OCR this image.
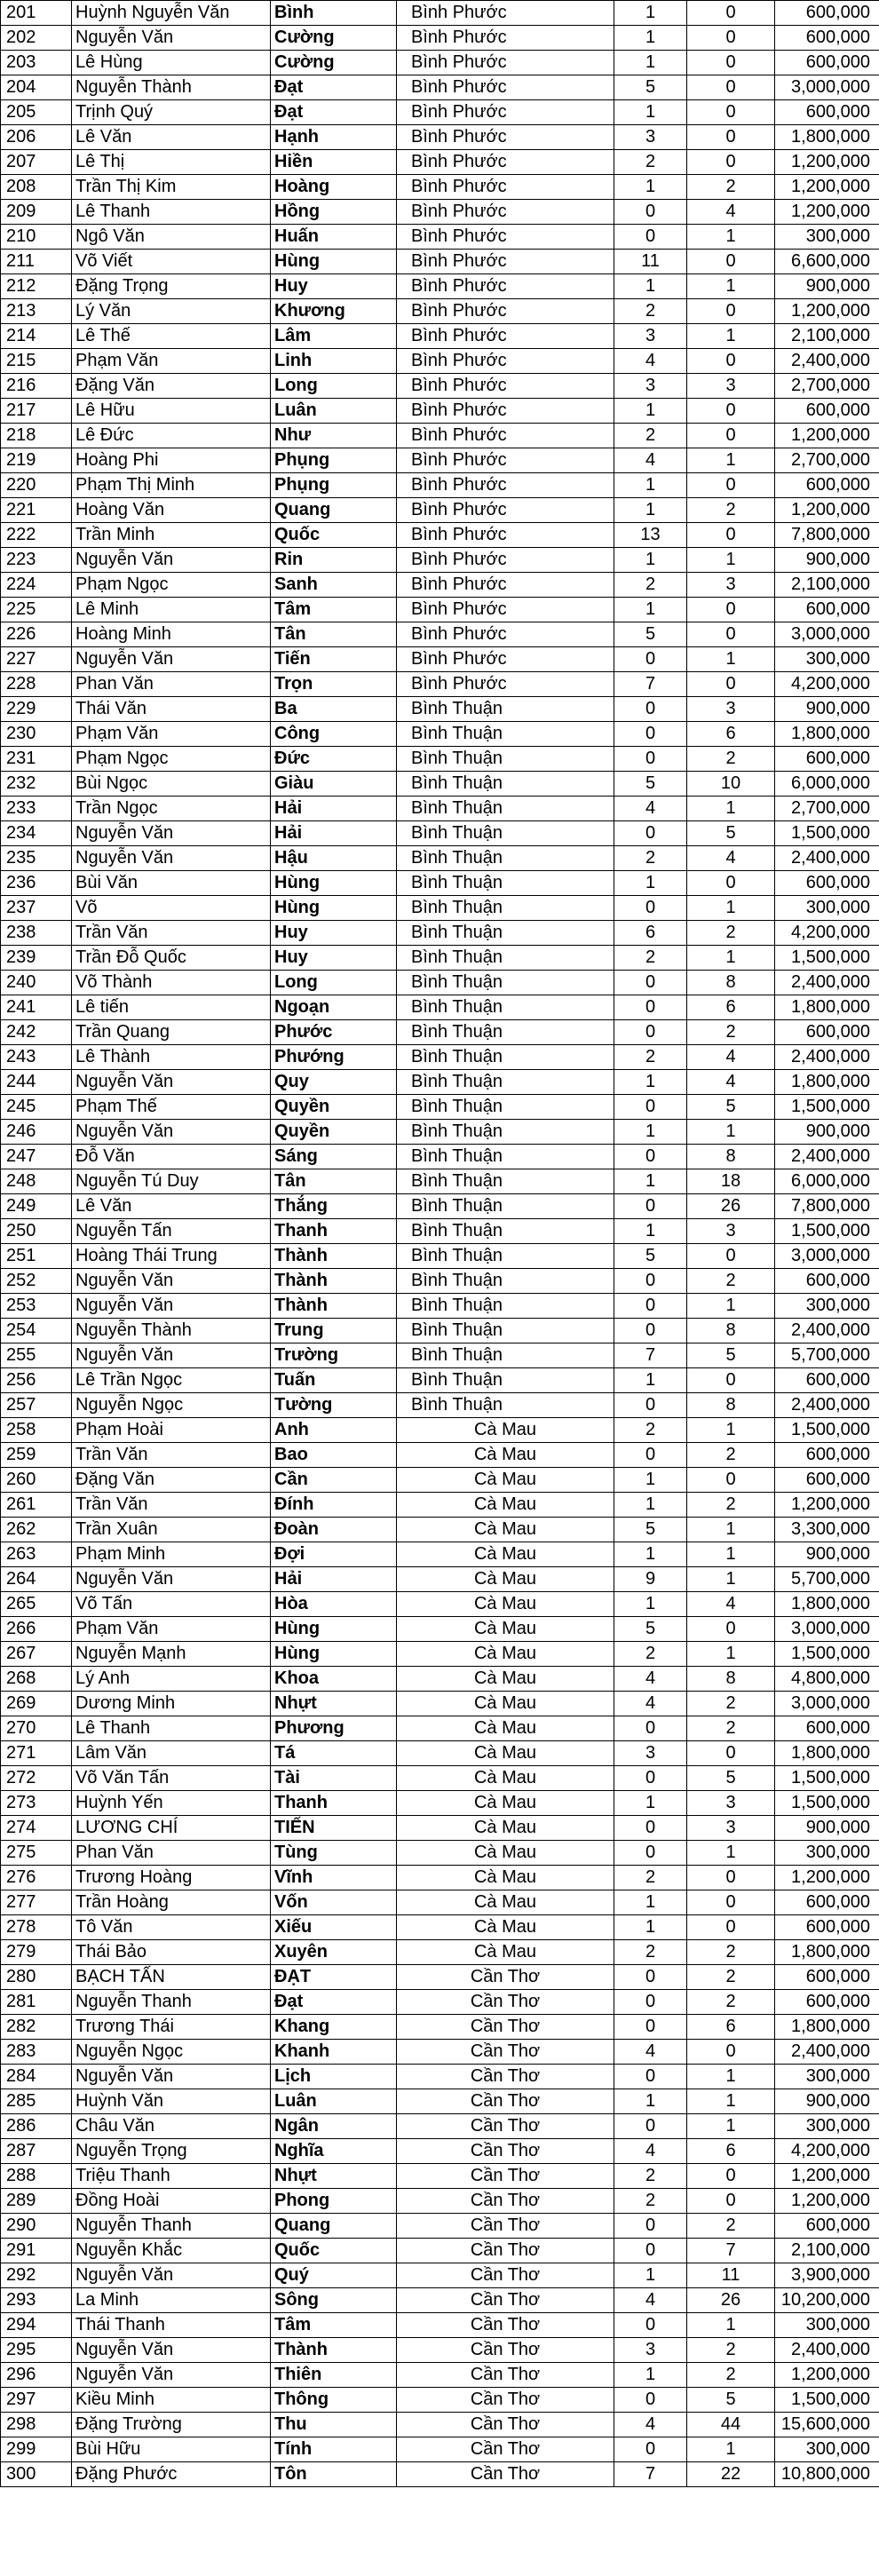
201	Huỳnh Nguyễn Văn	Bình	Bình Phước	1	0	600,000
202	Nguyễn Văn	Cường	Bình Phước	1	0	600,000
203	Lê Hùng	Cường	Bình Phước	1	0	600,000
204	Nguyễn Thành	Đạt	Bình Phước	5	0	3,000,000
205	Trịnh Quý	Đạt	Bình Phước	1	0	600,000
206	Lê Văn	Hạnh	Bình Phước	3	0	1,800,000
207	Lê Thị	Hiền	Bình Phước	2	0	1,200,000
208	Trần Thị Kim	Hoàng	Bình Phước	1	2	1,200,000
209	Lê Thanh	Hồng	Bình Phước	0	4	1,200,000
210	Ngô Văn	Huấn	Bình Phước	0	1	300,000
211	Võ Viết	Hùng	Bình Phước	11	0	6,600,000
212	Đặng Trọng	Huy	Bình Phước	1	1	900,000
213	Lý Văn	Khương	Bình Phước	2	0	1,200,000
214	Lê Thế	Lâm	Bình Phước	3	1	2,100,000
215	Phạm Văn	Linh	Bình Phước	4	0	2,400,000
216	Đặng Văn	Long	Bình Phước	3	3	2,700,000
217	Lê Hữu	Luân	Bình Phước	1	0	600,000
218	Lê Đức	Như	Bình Phước	2	0	1,200,000
219	Hoàng Phi	Phụng	Bình Phước	4	1	2,700,000
220	Phạm Thị Minh	Phụng	Bình Phước	1	0	600,000
221	Hoàng Văn	Quang	Bình Phước	1	2	1,200,000
222	Trần Minh	Quốc	Bình Phước	13	0	7,800,000
223	Nguyễn Văn	Rin	Bình Phước	1	1	900,000
224	Phạm Ngọc	Sanh	Bình Phước	2	3	2,100,000
225	Lê Minh	Tâm	Bình Phước	1	0	600,000
226	Hoàng Minh	Tân	Bình Phước	5	0	3,000,000
227	Nguyễn Văn	Tiến	Bình Phước	0	1	300,000
228	Phan Văn	Trọn	Bình Phước	7	0	4,200,000
229	Thái Văn	Ba	Bình Thuận	0	3	900,000
230	Phạm Văn	Công	Bình Thuận	0	6	1,800,000
231	Phạm Ngọc	Đức	Bình Thuận	0	2	600,000
232	Bùi Ngọc	Giàu	Bình Thuận	5	10	6,000,000
233	Trần Ngọc	Hải	Bình Thuận	4	1	2,700,000
234	Nguyễn Văn	Hải	Bình Thuận	0	5	1,500,000
235	Nguyễn Văn	Hậu	Bình Thuận	2	4	2,400,000
236	Bùi Văn	Hùng	Bình Thuận	1	0	600,000
237	Võ	Hùng	Bình Thuận	0	1	300,000
238	Trần Văn	Huy	Bình Thuận	6	2	4,200,000
239	Trần Đỗ Quốc	Huy	Bình Thuận	2	1	1,500,000
240	Võ Thành	Long	Bình Thuận	0	8	2,400,000
241	Lê tiến	Ngoạn	Bình Thuận	0	6	1,800,000
242	Trần Quang	Phước	Bình Thuận	0	2	600,000
243	Lê Thành	Phướng	Bình Thuận	2	4	2,400,000
244	Nguyễn Văn	Quy	Bình Thuận	1	4	1,800,000
245	Phạm Thế	Quyền	Bình Thuận	0	5	1,500,000
246	Nguyễn Văn	Quyền	Bình Thuận	1	1	900,000
247	Đỗ Văn	Sáng	Bình Thuận	0	8	2,400,000
248	Nguyễn Tú Duy	Tân	Bình Thuận	1	18	6,000,000
249	Lê Văn	Thắng	Bình Thuận	0	26	7,800,000
250	Nguyễn Tấn	Thanh	Bình Thuận	1	3	1,500,000
251	Hoàng Thái Trung	Thành	Bình Thuận	5	0	3,000,000
252	Nguyễn Văn	Thành	Bình Thuận	0	2	600,000
253	Nguyễn Văn	Thành	Bình Thuận	0	1	300,000
254	Nguyễn Thành	Trung	Bình Thuận	0	8	2,400,000
255	Nguyễn Văn	Trường	Bình Thuận	7	5	5,700,000
256	Lê Trần Ngọc	Tuấn	Bình Thuận	1	0	600,000
257	Nguyễn Ngọc	Tường	Bình Thuận	0	8	2,400,000
258	Phạm Hoài	Anh	Cà Mau	2	1	1,500,000
259	Trần Văn	Bao	Cà Mau	0	2	600,000
260	Đặng Văn	Cần	Cà Mau	1	0	600,000
261	Trần Văn	Đính	Cà Mau	1	2	1,200,000
262	Trần Xuân	Đoàn	Cà Mau	5	1	3,300,000
263	Phạm Minh	Đợi	Cà Mau	1	1	900,000
264	Nguyễn Văn	Hải	Cà Mau	9	1	5,700,000
265	Võ Tấn	Hòa	Cà Mau	1	4	1,800,000
266	Phạm Văn	Hùng	Cà Mau	5	0	3,000,000
267	Nguyễn Mạnh	Hùng	Cà Mau	2	1	1,500,000
268	Lý Anh	Khoa	Cà Mau	4	8	4,800,000
269	Dương Minh	Nhựt	Cà Mau	4	2	3,000,000
270	Lê Thanh	Phương	Cà Mau	0	2	600,000
271	Lâm Văn	Tá	Cà Mau	3	0	1,800,000
272	Võ Văn Tấn	Tài	Cà Mau	0	5	1,500,000
273	Huỳnh Yến	Thanh	Cà Mau	1	3	1,500,000
274	LƯƠNG CHÍ	TIẾN	Cà Mau	0	3	900,000
275	Phan Văn	Tùng	Cà Mau	0	1	300,000
276	Trương Hoàng	Vĩnh	Cà Mau	2	0	1,200,000
277	Trần Hoàng	Vốn	Cà Mau	1	0	600,000
278	Tô Văn	Xiếu	Cà Mau	1	0	600,000
279	Thái Bảo	Xuyên	Cà Mau	2	2	1,800,000
280	BẠCH TẤN	ĐẠT	Cần Thơ	0	2	600,000
281	Nguyễn Thanh	Đạt	Cần Thơ	0	2	600,000
282	Trương Thái	Khang	Cần Thơ	0	6	1,800,000
283	Nguyễn Ngọc	Khanh	Cần Thơ	4	0	2,400,000
284	Nguyễn Văn	Lịch	Cần Thơ	0	1	300,000
285	Huỳnh Văn	Luân	Cần Thơ	1	1	900,000
286	Châu Văn	Ngân	Cần Thơ	0	1	300,000
287	Nguyễn Trọng	Nghĩa	Cần Thơ	4	6	4,200,000
288	Triệu Thanh	Nhựt	Cần Thơ	2	0	1,200,000
289	Đồng Hoài	Phong	Cần Thơ	2	0	1,200,000
290	Nguyễn Thanh	Quang	Cần Thơ	0	2	600,000
291	Nguyễn Khắc	Quốc	Cần Thơ	0	7	2,100,000
292	Nguyễn Văn	Quý	Cần Thơ	1	11	3,900,000
293	La Minh	Sông	Cần Thơ	4	26	10,200,000
294	Thái Thanh	Tâm	Cần Thơ	0	1	300,000
295	Nguyễn Văn	Thành	Cần Thơ	3	2	2,400,000
296	Nguyễn Văn	Thiên	Cần Thơ	1	2	1,200,000
297	Kiều Minh	Thông	Cần Thơ	0	5	1,500,000
298	Đặng Trường	Thu	Cần Thơ	4	44	15,600,000
299	Bùi Hữu	Tính	Cần Thơ	0	1	300,000
300	Đặng Phước	Tôn	Cần Thơ	7	22	10,800,000
